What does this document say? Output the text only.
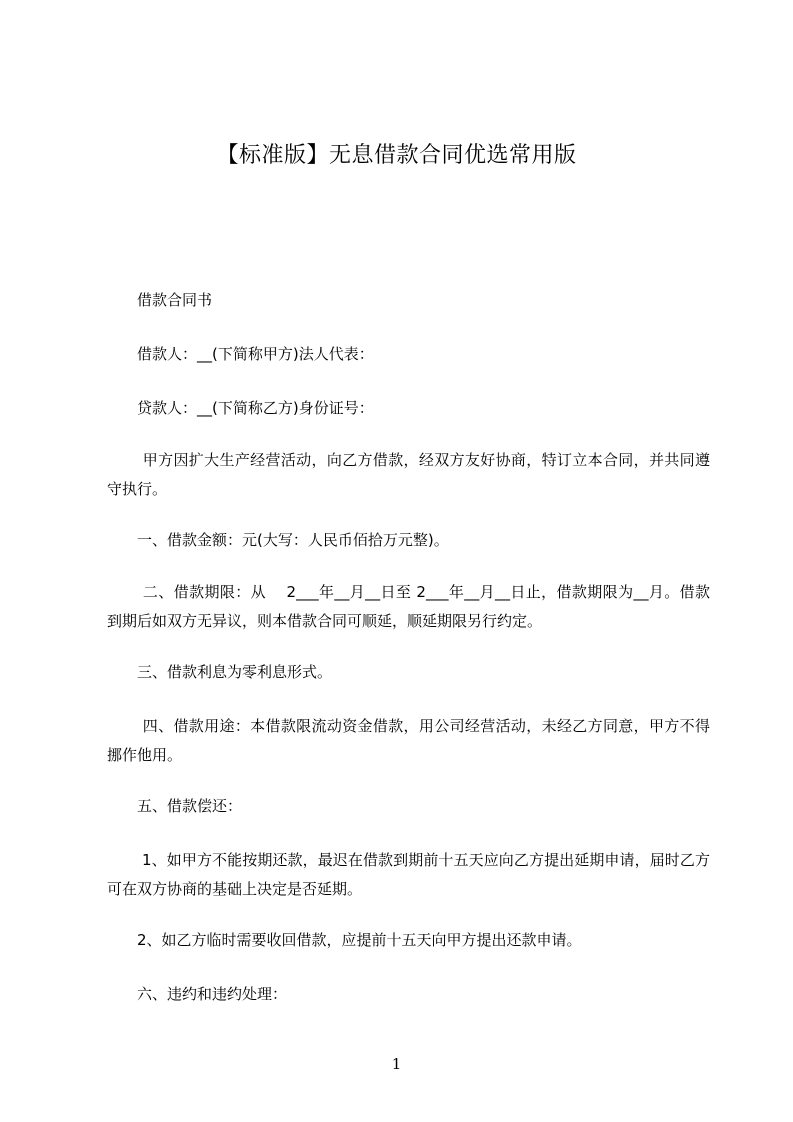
【标准版】无息借款合同优选常用版

　　借款合同书

　　借款人：__(下简称甲方)法人代表：

　　贷款人：__(下简称乙方)身份证号：

　　 甲方因扩大生产经营活动，向乙方借款，经双方友好协商，特订立本合同，并共同遵守执行。

　　一、借款金额：元(大写：人民币佰拾万元整)。

　　 二、借款期限：从　 2___年__月__日至 2___年__月__日止，借款期限为__月。借款到期后如双方无异议，则本借款合同可顺延，顺延期限另行约定。

　　三、借款利息为零利息形式。

　　 四、借款用途：本借款限流动资金借款，用公司经营活动，未经乙方同意，甲方不得挪作他用。

　　五、借款偿还：

　　 1、如甲方不能按期还款，最迟在借款到期前十五天应向乙方提出延期申请，届时乙方可在双方协商的基础上决定是否延期。

　　2、如乙方临时需要收回借款，应提前十五天向甲方提出还款申请。

　　六、违约和违约处理：

1
